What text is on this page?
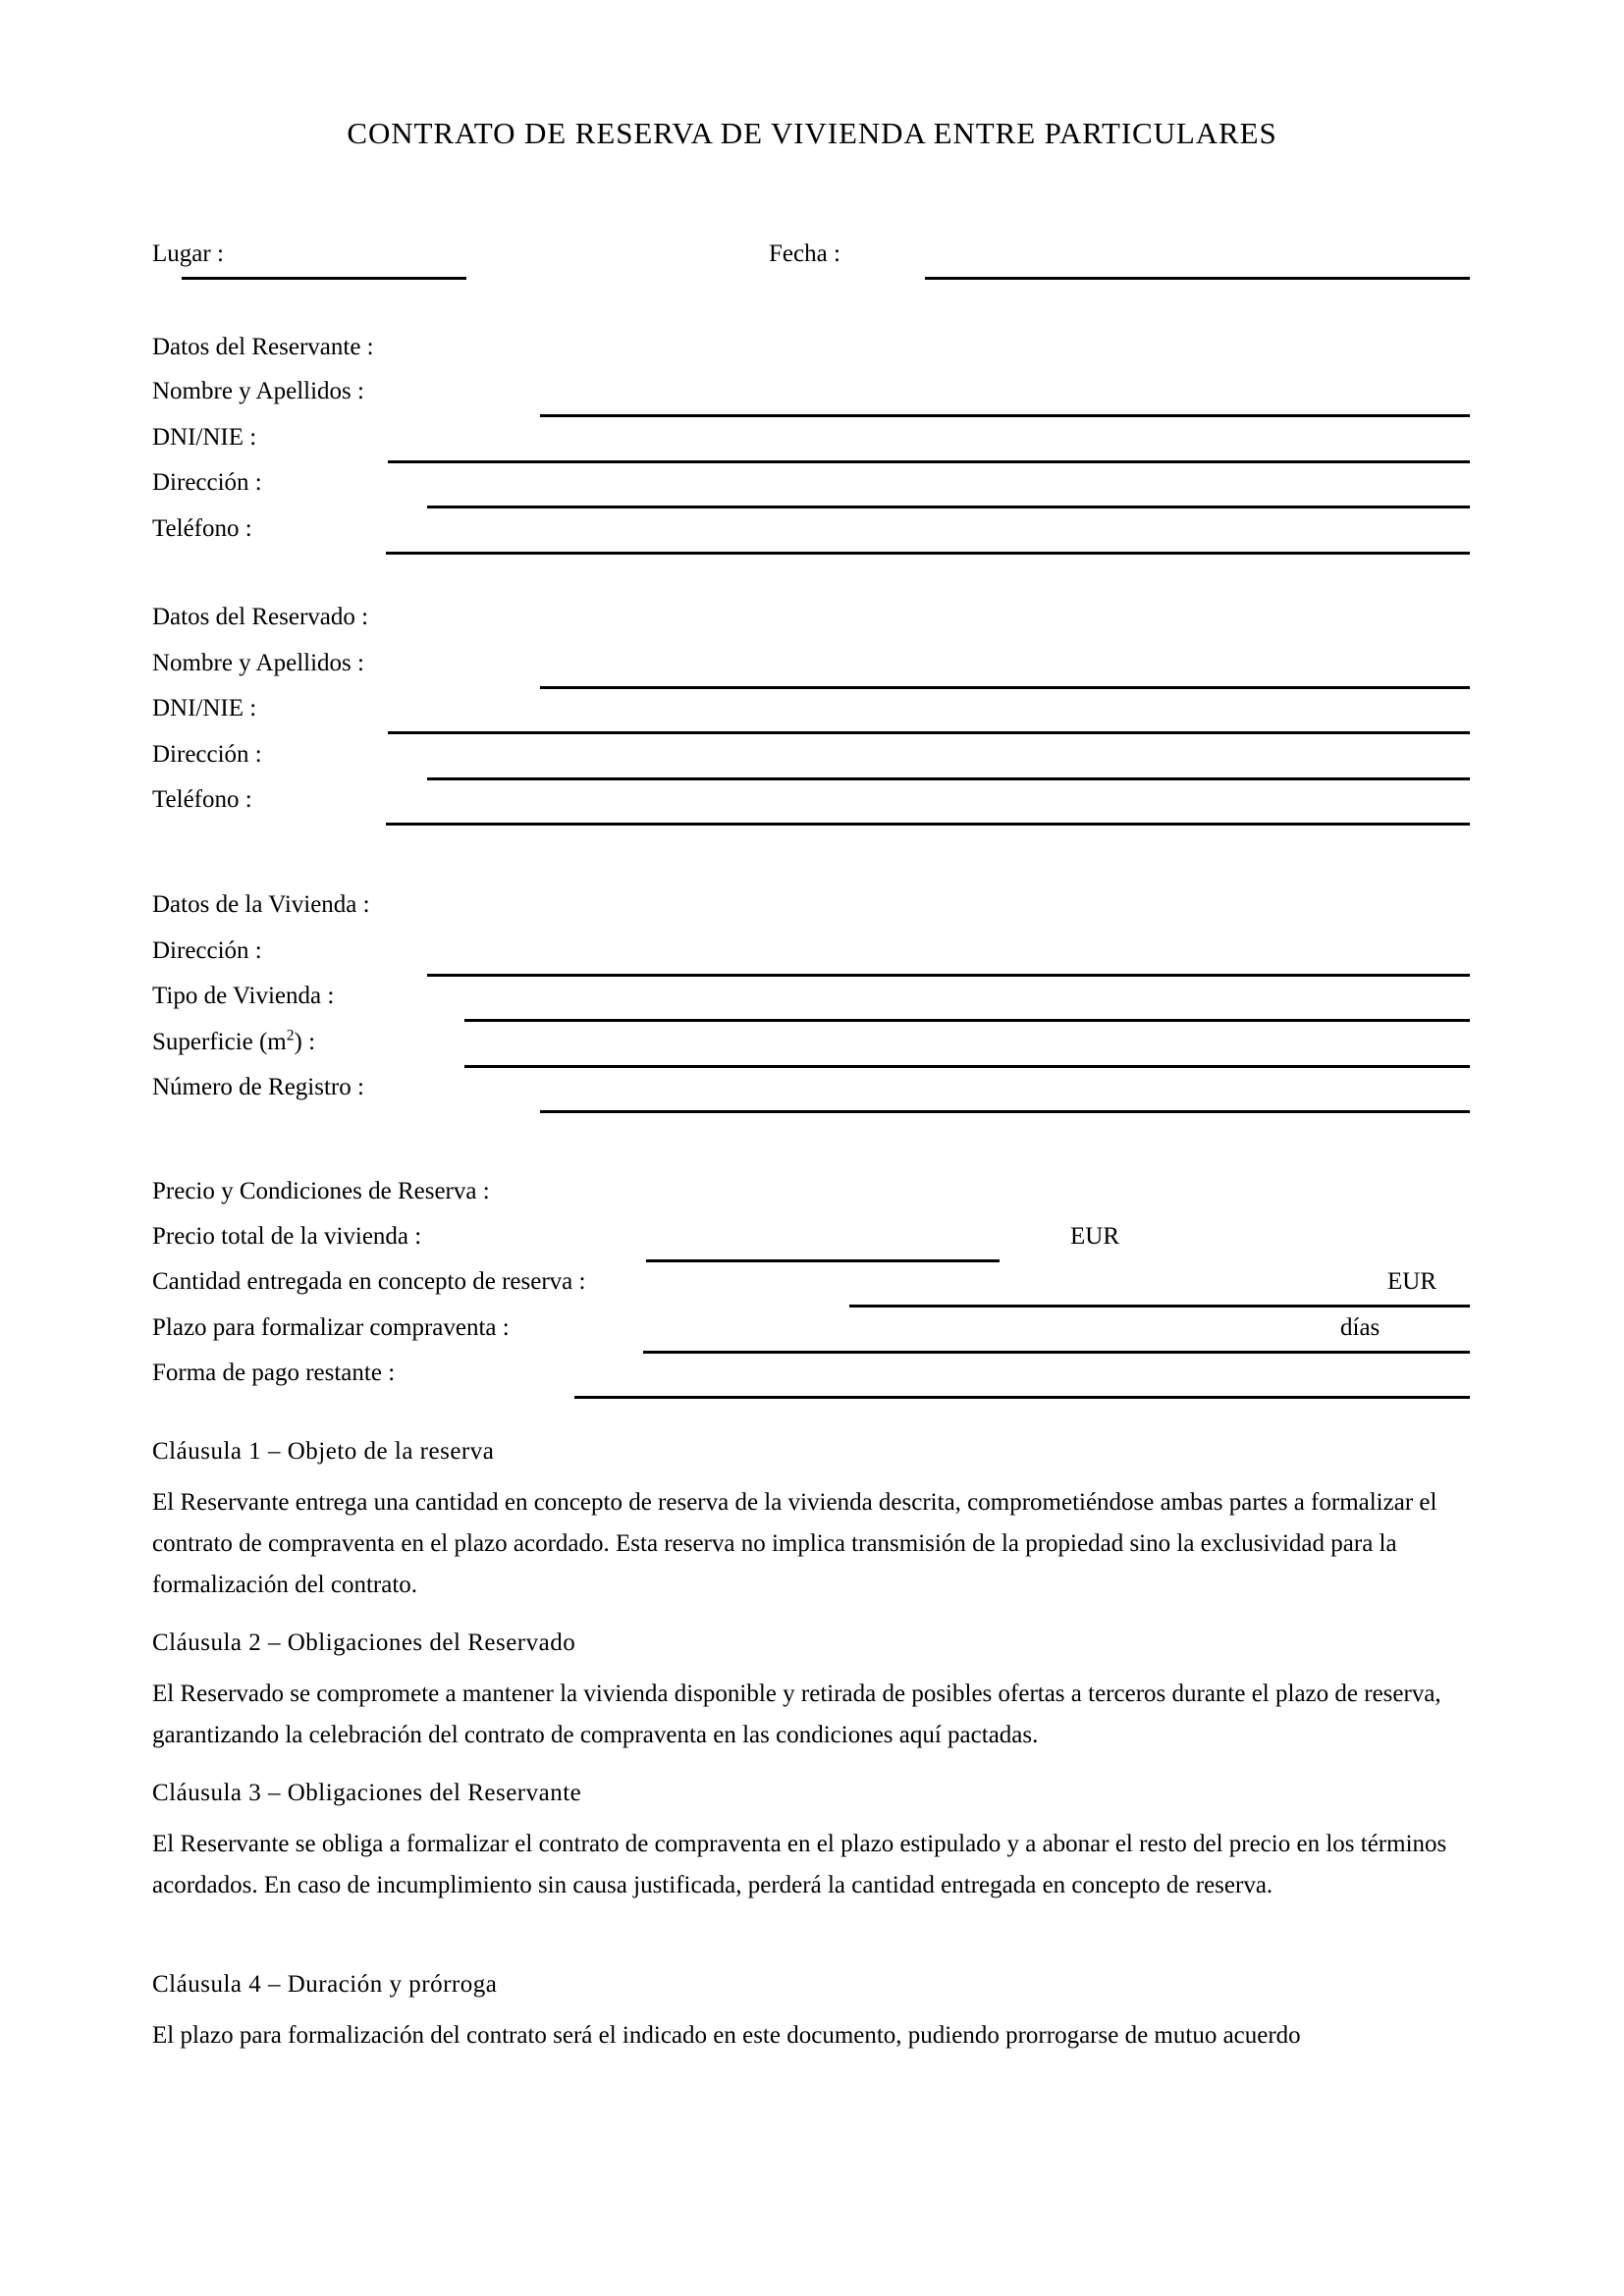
CONTRATO DE RESERVA DE VIVIENDA ENTRE PARTICULARES
Lugar :	Fecha :
Datos del Reservante :
Nombre y Apellidos :
DNI/NIE :
Dirección :
Teléfono :
Datos del Reservado :
Nombre y Apellidos :
DNI/NIE :
Dirección :
Teléfono :
Datos de la Vivienda :
Dirección :
Tipo de Vivienda :
Superficie $(m^2)$ :
Número de Registro :
Precio y Condiciones de Reserva :
Precio total de la vivienda :	EUR
Cantidad entregada en concepto de reserva :	EUR
Plazo para formalizar compraventa :	días
Forma de pago restante :
Cláusula 1 – Objeto de la reserva
El Reservante entrega una cantidad en concepto de reserva de la vivienda descrita, comprometiéndose ambas partes a formalizar el contrato de compraventa en el plazo acordado. Esta reserva no implica transmisión de la propiedad sino la exclusividad para la formalización del contrato.
Cláusula 2 – Obligaciones del Reservado
El Reservado se compromete a mantener la vivienda disponible y retirada de posibles ofertas a terceros durante el plazo de reserva, garantizando la celebración del contrato de compraventa en las condiciones aquí pactadas.
Cláusula 3 – Obligaciones del Reservante
El Reservante se obliga a formalizar el contrato de compraventa en el plazo estipulado y a abonar el resto del precio en los términos acordados. En caso de incumplimiento sin causa justificada, perderá la cantidad entregada en concepto de reserva.
Cláusula 4 – Duración y prórroga
El plazo para formalización del contrato será el indicado en este documento, pudiendo prorrogarse de mutuo acuerdo
